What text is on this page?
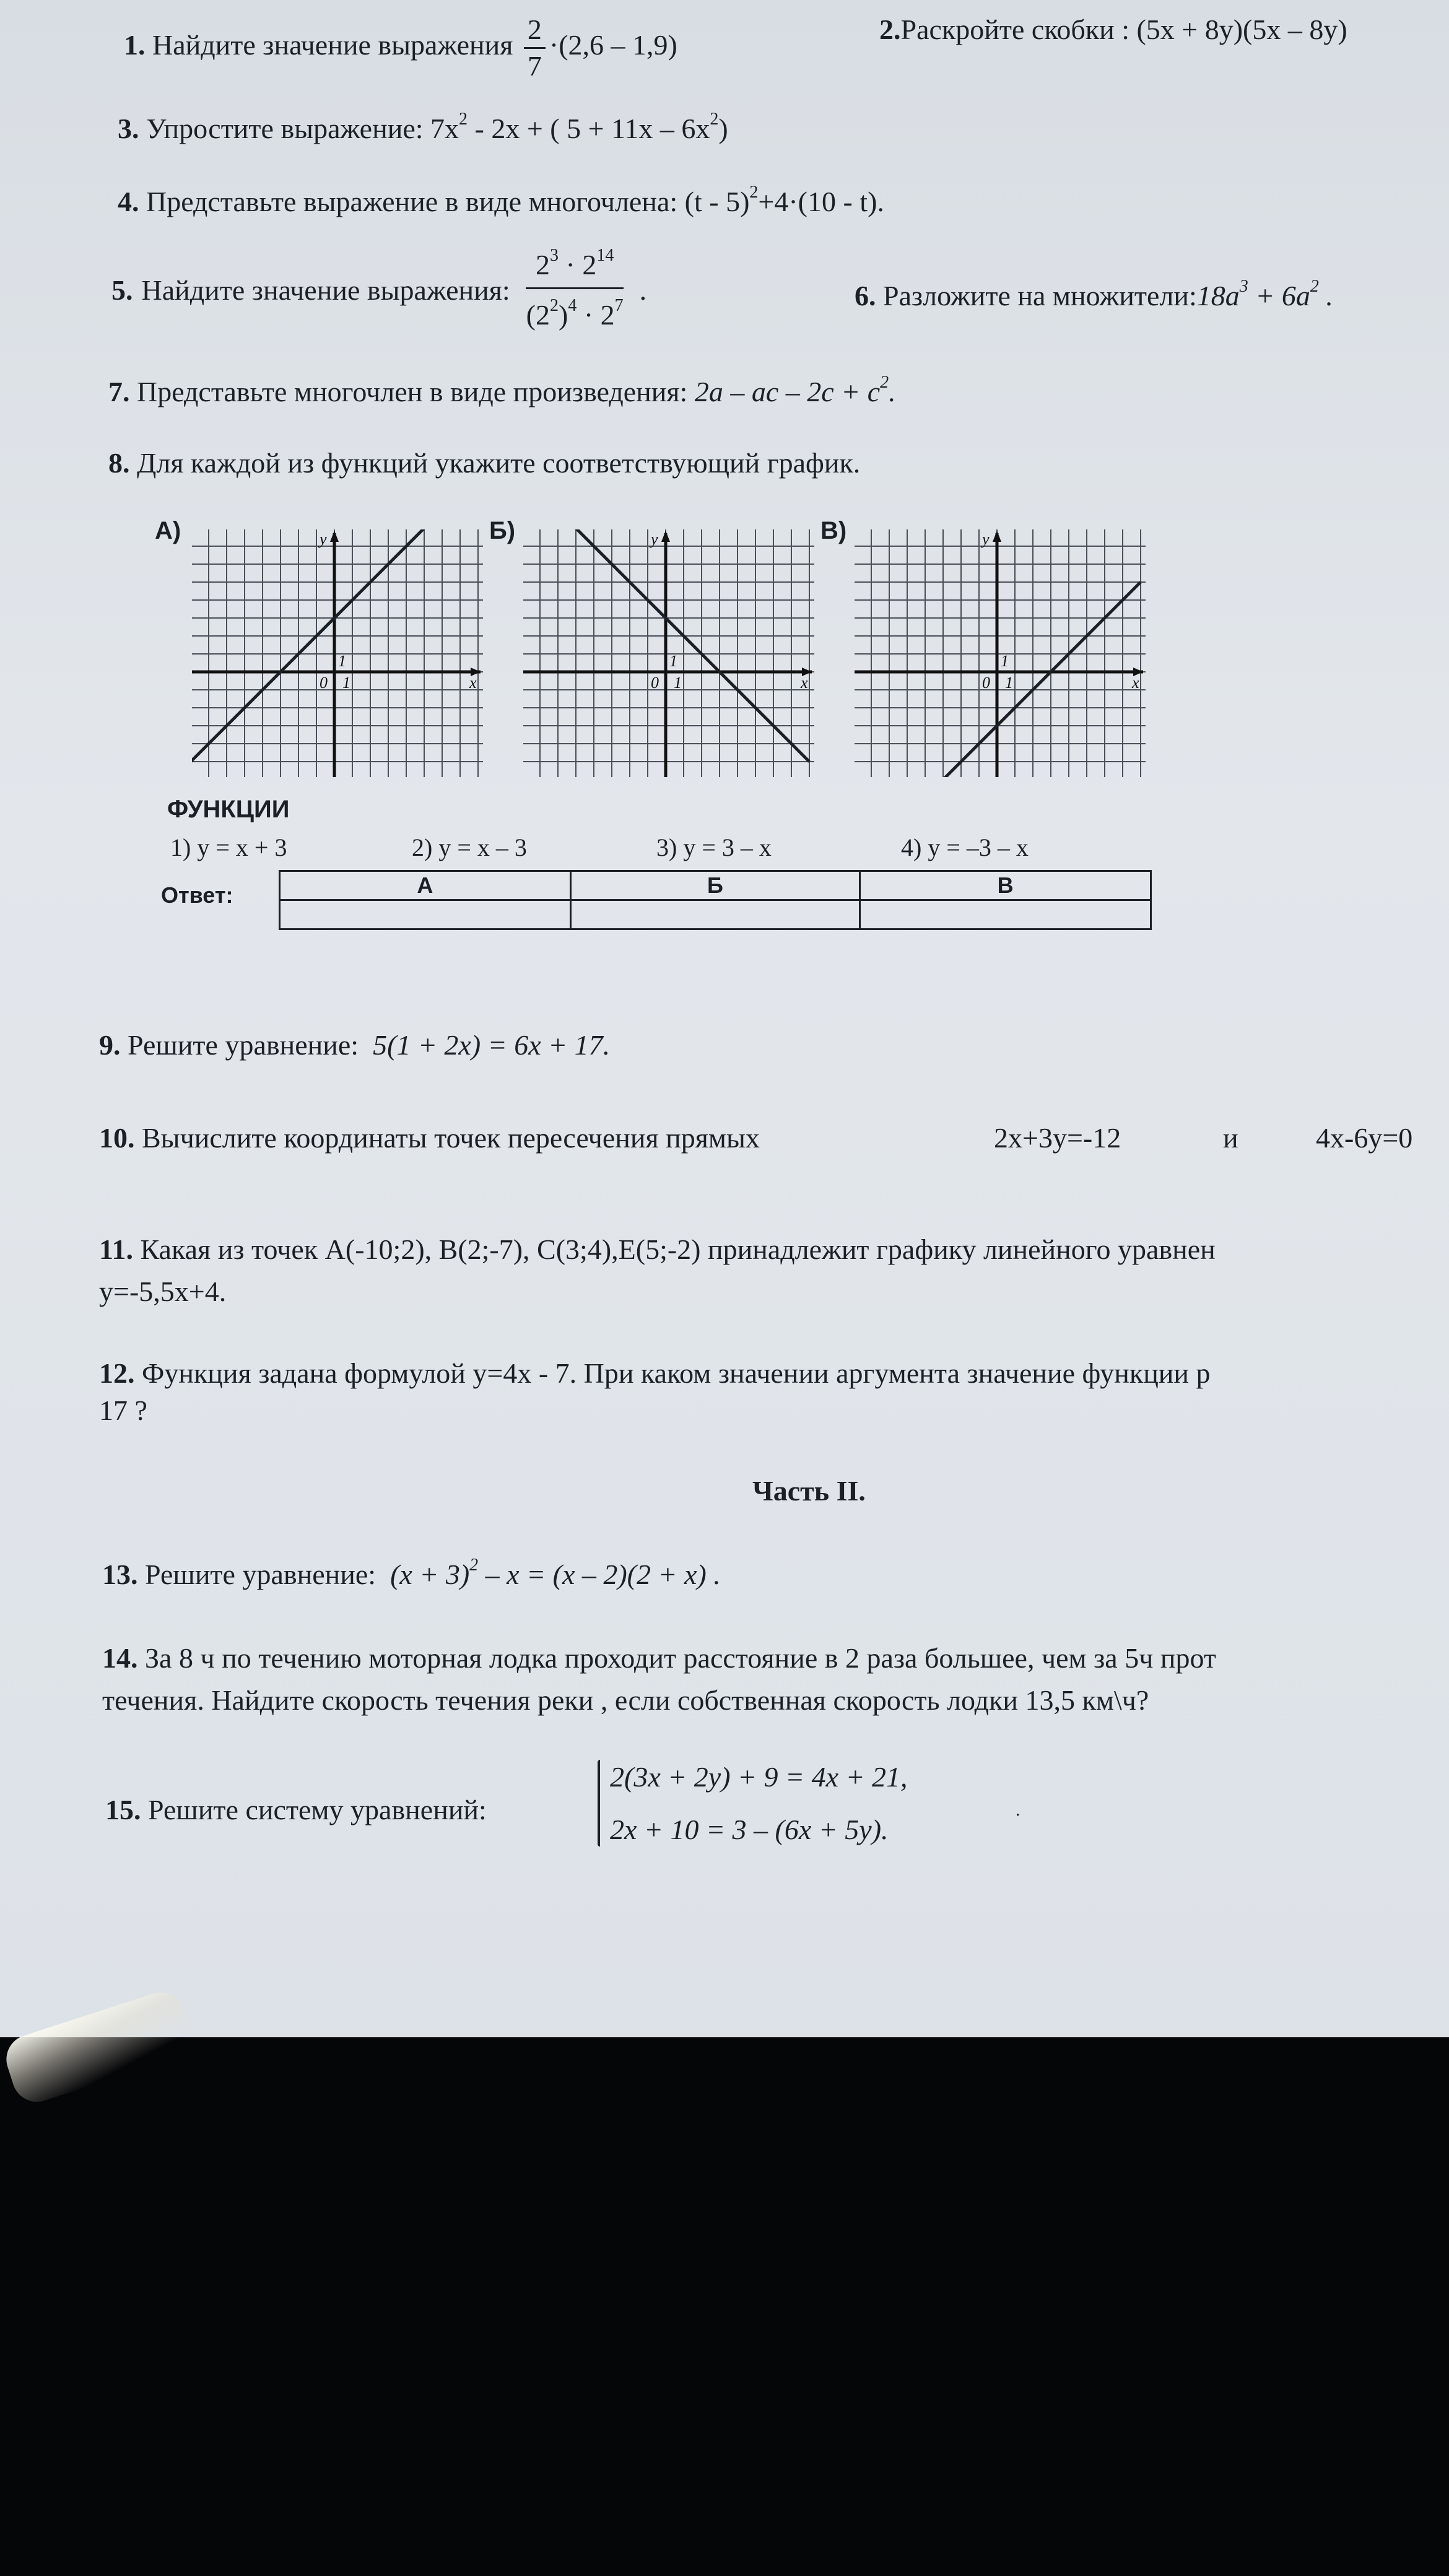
1. Найдите значение выражения $\frac{2}{7} \cdot(2,6 - 1,9)$	2.Раскройте скобки : (5x + 8y)(5x – 8y)
3. Упростите выражение: $7x^2 - 2x$ + ( $5 + 11x - 6x^2$)
4. Представьте выражение в виде многочлена: (t - 5)$^2$+4·(10 - t).
5. Найдите значение выражения: $\frac{2^3 \cdot 2^{14}}{(2^2)^4 \cdot 2^7}$ .	6. Разложите на $множители:18a^3 + 6a^2$ .
7. Представьте многочлен в виде произведения: 2a – ac – $2c + c^2$.
8. Для каждой из функций укажите соответствующий график.
А)	Б)	В)
x
y
0 1
1
x
y
0 1
1
x
y
0 1
1
ФУНКЦИИ
1) y = x + 3	2) y = x – 3	3) y = 3 – x	4) y = –3 – x
Ответ:	А	Б	В

9. Решите уравнение: 5(1 + 2x) = 6x + 17.
10. Вычислите координаты точек пересечения прямых	2x+3y=-12	и	4x-6y=0
11. Какая из точек A(-10;2), B(2;-7), C(3;4),E(5;-2) принадлежит графику линейного уравнен
y=-5,5x+4.
12. Функция задана формулой y=4x - 7. При каком значении аргумента значение функции р
17 ?
Часть II.
13. Решите уравнение: $(x + 3)^2 - x = (x - 2)(2 + x)$ .
14. За 8 ч по течению моторная лодка проходит расстояние в 2 раза большее, чем за 5ч прот
течения. Найдите скорость течения реки , если собственная скорость лодки 13,5 км\ч?
15. Решите систему уравнений:
2(3x + 2y) + 9 = 4x + 21,
2x + 10 = 3 – (6x + 5y).
.
